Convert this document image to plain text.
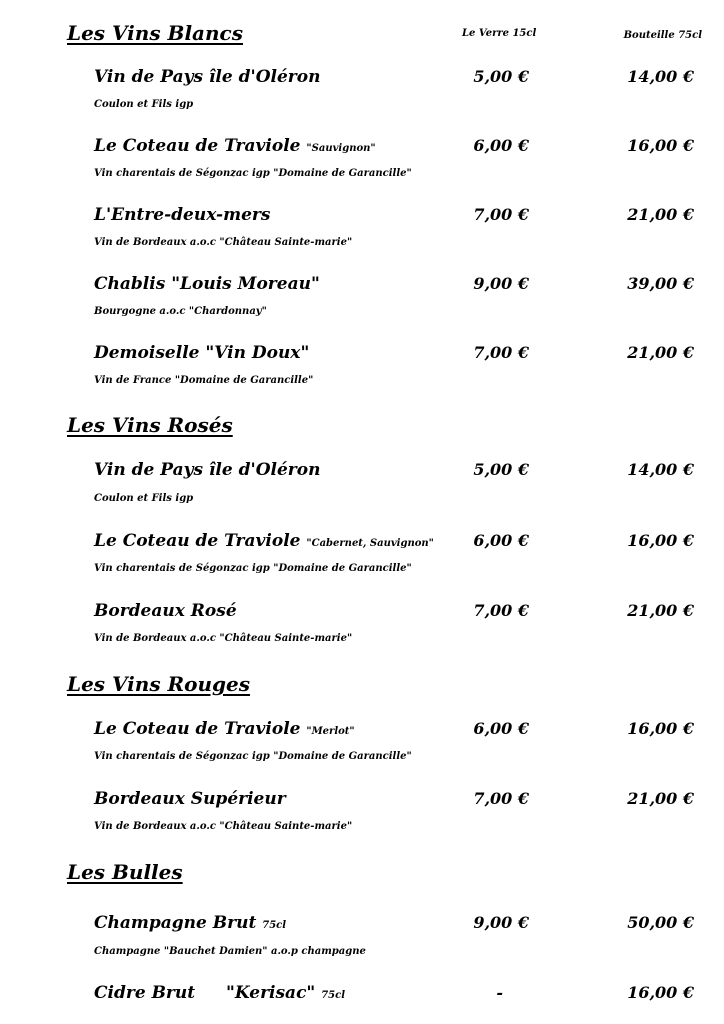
Le Verre 15cl	Bouteille 75cl
Les Vins Blancs
Vin de Pays île d'Oléron
Coulon et Fils igp
5,00 €	14,00 €
Le Coteau de Traviole "Sauvignon"
Vin charentais de Ségonzac igp "Domaine de Garancille"
6,00 €	16,00 €
L'Entre-deux-mers
Vin de Bordeaux a.o.c "Château Sainte-marie"
7,00 €	21,00 €
Chablis "Louis Moreau"
Bourgogne a.o.c "Chardonnay"
9,00 €	39,00 €
Demoiselle "Vin Doux"
Vin de France "Domaine de Garancille"
7,00 €	21,00 €
Les Vins Rosés
Vin de Pays île d'Oléron
Coulon et Fils igp
5,00 €	14,00 €
Le Coteau de Traviole "Cabernet, Sauvignon"
Vin charentais de Ségonzac igp "Domaine de Garancille"
6,00 €	16,00 €
Bordeaux Rosé
Vin de Bordeaux a.o.c "Château Sainte-marie"
7,00 €	21,00 €
Les Vins Rouges
Le Coteau de Traviole "Merlot"
Vin charentais de Ségonzac igp "Domaine de Garancille"
6,00 €	16,00 €
Bordeaux Supérieur
Vin de Bordeaux a.o.c "Château Sainte-marie"
7,00 €	21,00 €
Les Bulles
Champagne Brut 75cl
Champagne "Bauchet Damien" a.o.p champagne
9,00 €	50,00 €
Cidre Brut "Kerisac" 75cl	-	16,00 €
